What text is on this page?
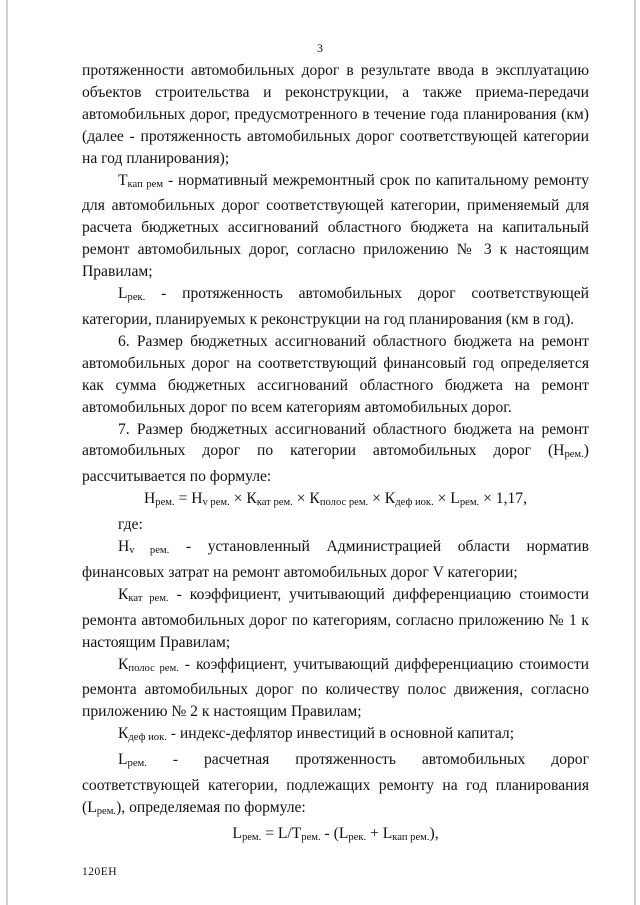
3

протяженности автомобильных дорог в результате ввода в эксплуатацию объектов строительства и реконструкции, а также приема-передачи автомобильных дорог, предусмотренного в течение года планирования (км) (далее - протяженность автомобильных дорог соответствующей категории на год планирования);

Ткап рем - нормативный межремонтный срок по капитальному ремонту для автомобильных дорог соответствующей категории, применяемый для расчета бюджетных ассигнований областного бюджета на капитальный ремонт автомобильных дорог, согласно приложению № 3 к настоящим Правилам;

Lрек. - протяженность автомобильных дорог соответствующей категории, планируемых к реконструкции на год планирования (км в год).

6. Размер бюджетных ассигнований областного бюджета на ремонт автомобильных дорог на соответствующий финансовый год определяется как сумма бюджетных ассигнований областного бюджета на ремонт автомобильных дорог по всем категориям автомобильных дорог.

7. Размер бюджетных ассигнований областного бюджета на ремонт автомобильных дорог по категории автомобильных дорог (Нрем.) рассчитывается по формуле:

Нрем. = Нv рем. × Ккат рем. × Кполос рем. × Кдеф иок. × Lрем. × 1,17,

где:

Нv рем. - установленный Администрацией области норматив финансовых затрат на ремонт автомобильных дорог V категории;

Ккат рем. - коэффициент, учитывающий дифференциацию стоимости ремонта автомобильных дорог по категориям, согласно приложению № 1 к настоящим Правилам;

Кполос рем. - коэффициент, учитывающий дифференциацию стоимости ремонта автомобильных дорог по количеству полос движения, согласно приложению № 2 к настоящим Правилам;

Кдеф иок. - индекс-дефлятор инвестиций в основной капитал;

Lрем. - расчетная протяженность автомобильных дорог соответствующей категории, подлежащих ремонту на год планирования (Lрем.), определяемая по формуле:

Lрем. = L/Tрем. - (Lрек. + Lкап рем.),

120ЕН
